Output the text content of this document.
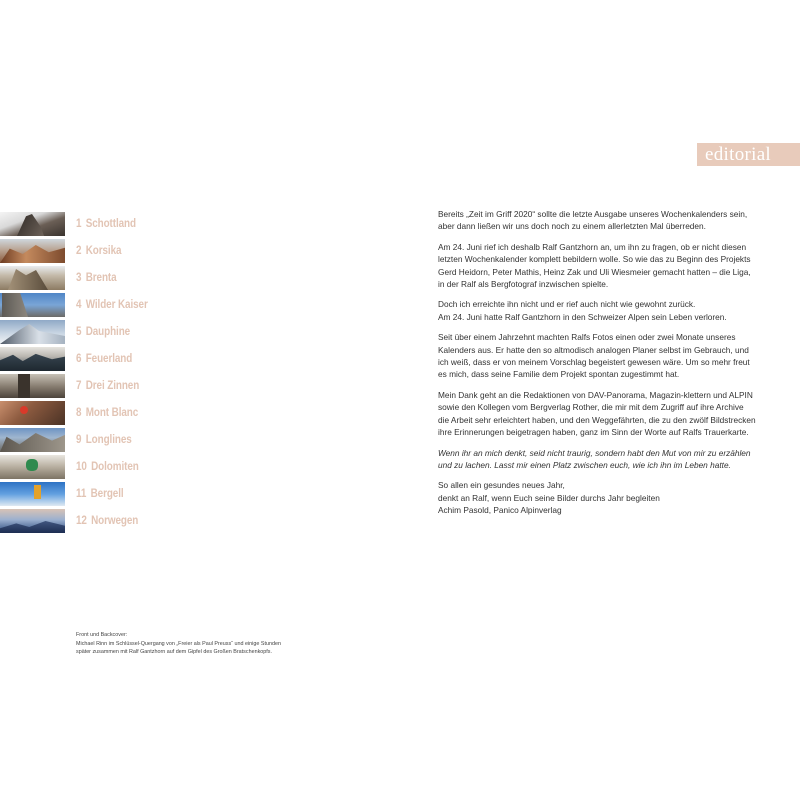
editorial
1 Schottland
2 Korsika
3 Brenta
4 Wilder Kaiser
5 Dauphine
6 Feuerland
7 Drei Zinnen
8 Mont Blanc
9 Longlines
10 Dolomiten
11 Bergell
12 Norwegen

Bereits „Zeit im Griff 2020“ sollte die letzte Ausgabe unseres Wochenkalenders sein, aber dann ließen wir uns doch noch zu einem allerletzten Mal überreden.

Am 24. Juni rief ich deshalb Ralf Gantzhorn an, um ihn zu fragen, ob er nicht diesen letzten Wochenkalender komplett bebildern wolle. So wie das zu Beginn des Projekts Gerd Heidorn, Peter Mathis, Heinz Zak und Uli Wiesmeier gemacht hatten – die Liga, in der Ralf als Bergfotograf inzwischen spielte.

Doch ich erreichte ihn nicht und er rief auch nicht wie gewohnt zurück.
Am 24. Juni hatte Ralf Gantzhorn in den Schweizer Alpen sein Leben verloren.

Seit über einem Jahrzehnt machten Ralfs Fotos einen oder zwei Monate unseres Kalenders aus. Er hatte den so altmodisch analogen Planer selbst im Gebrauch, und ich weiß, dass er von meinem Vorschlag begeistert gewesen wäre. Um so mehr freut es mich, dass seine Familie dem Projekt spontan zugestimmt hat.

Mein Dank geht an die Redaktionen von DAV-Panorama, Magazin-klettern und ALPIN sowie den Kollegen vom Bergverlag Rother, die mir mit dem Zugriff auf ihre Archive die Arbeit sehr erleichtert haben, und den Weggefährten, die zu den zwölf Bildstrecken ihre Erinnerungen beigetragen haben, ganz im Sinn der Worte auf Ralfs Trauerkarte.

Wenn ihr an mich denkt, seid nicht traurig, sondern habt den Mut von mir zu erzählen und zu lachen. Lasst mir einen Platz zwischen euch, wie ich ihn im Leben hatte.

So allen ein gesundes neues Jahr,
denkt an Ralf, wenn Euch seine Bilder durchs Jahr begleiten
Achim Pasold, Panico Alpinverlag

Front und Backcover:
Michael Rinn im Schlüssel-Quergang von „Freier als Paul Preuss“ und einige Stunden
später zusammen mit Ralf Gantzhorn auf dem Gipfel des Großen Bratschenkopfs.
